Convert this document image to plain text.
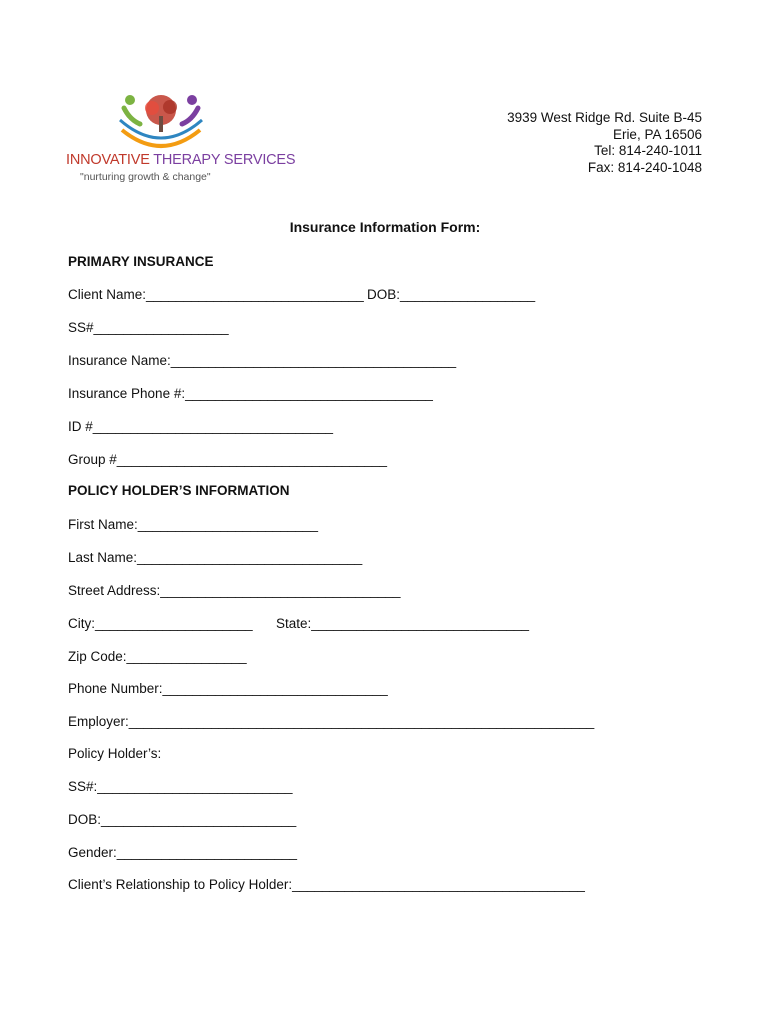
INNOVATIVE THERAPY SERVICES
"nurturing growth & change"
3939 West Ridge Rd. Suite B-45
Erie, PA 16506
Tel: 814-240-1011
Fax: 814-240-1048
Insurance Information Form:
PRIMARY INSURANCE
Client Name:_____________________________ DOB:__________________
SS#__________________
Insurance Name:______________________________________
Insurance Phone #:_________________________________
ID #________________________________
Group #____________________________________
POLICY HOLDER’S INFORMATION
First Name:________________________
Last Name:______________________________
Street Address:________________________________
City:_____________________ State:_____________________________
Zip Code:________________
Phone Number:______________________________
Employer:______________________________________________________________
Policy Holder’s:
SS#:__________________________
DOB:__________________________
Gender:________________________
Client’s Relationship to Policy Holder:_______________________________________
